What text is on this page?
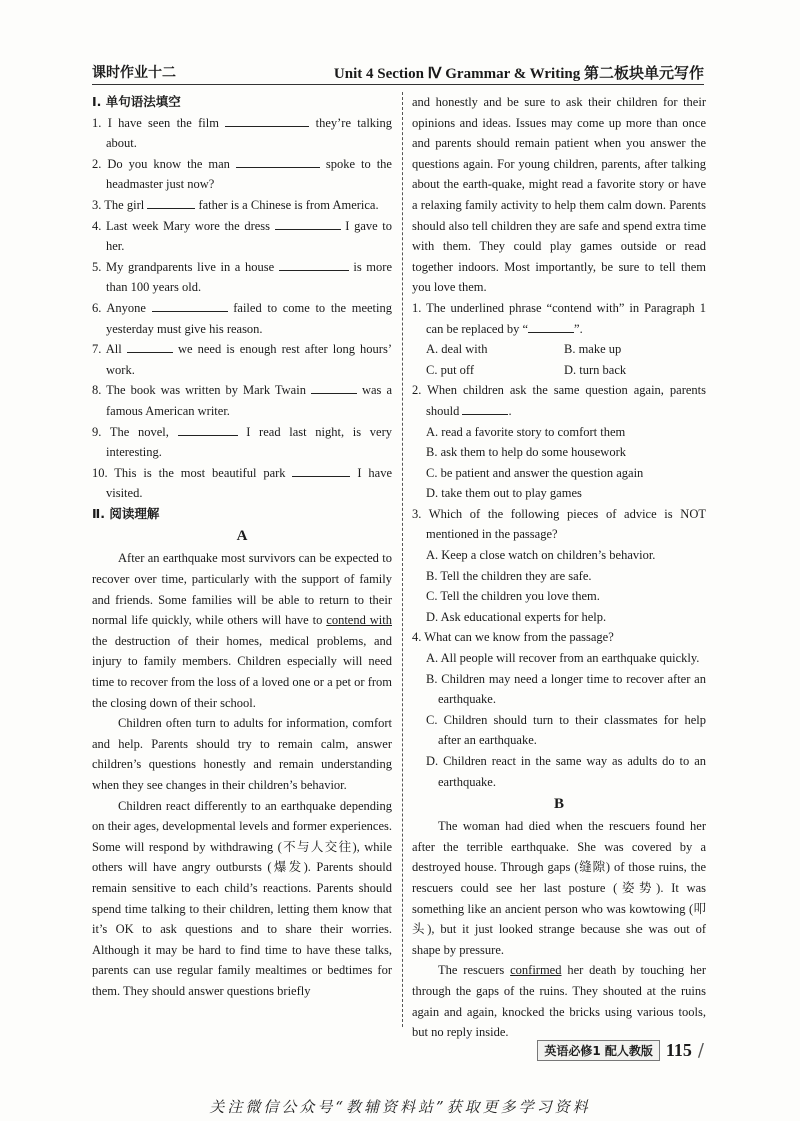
课时作业十二	Unit 4 Section Ⅳ Grammar & Writing 第二板块单元写作
Ⅰ. 单句语法填空
1. I have seen the film	they’re talking about.
2. Do you know the man	spoke to the headmaster just now?
3. The girl	father is a Chinese is from America.
4. Last week Mary wore the dress	I gave to her.
5. My grandparents live in a house	is more than 100 years old.
6. Anyone	failed to come to the meeting yesterday must give his reason.
7. All	we need is enough rest after long hours’ work.
8. The book was written by Mark Twain	was a famous American writer.
9. The novel,	I read last night, is very interesting.
10. This is the most beautiful park	I have visited.
Ⅱ. 阅读理解
A
After an earthquake most survivors can be expected to recover over time, particularly with the support of family and friends. Some families will be able to return to their normal life quickly, while others will have to contend with the destruction of their homes, medical problems, and injury to family members. Children especially will need time to recover from the loss of a loved one or a pet or from the closing down of their school.
Children often turn to adults for information, comfort and help. Parents should try to remain calm, answer children’s questions honestly and remain understanding when they see changes in their children’s behavior.
Children react differently to an earthquake depending on their ages, developmental levels and former experiences. Some will respond by withdrawing (不与人交往), while others will have angry outbursts (爆发). Parents should remain sensitive to each child’s reactions. Parents should spend time talking to their children, letting them know that it’s OK to ask questions and to share their worries. Although it may be hard to find time to have these talks, parents can use regular family mealtimes or bedtimes for them. They should answer questions briefly
and honestly and be sure to ask their children for their opinions and ideas. Issues may come up more than once and parents should remain patient when you answer the questions again. For young children, parents, after talking about the earth-quake, might read a favorite story or have a relaxing family activity to help them calm down. Parents should also tell children they are safe and spend extra time with them. They could play games outside or read together indoors. Most importantly, be sure to tell them you love them.
1. The underlined phrase “contend with” in Paragraph 1 can be replaced by “	”.
A. deal with	B. make up
C. put off	D. turn back
2. When children ask the same question again, parents should	.
A. read a favorite story to comfort them
B. ask them to help do some housework
C. be patient and answer the question again
D. take them out to play games
3. Which of the following pieces of advice is NOT mentioned in the passage?
A. Keep a close watch on children’s behavior.
B. Tell the children they are safe.
C. Tell the children you love them.
D. Ask educational experts for help.
4. What can we know from the passage?
A. All people will recover from an earthquake quickly.
B. Children may need a longer time to recover after an earthquake.
C. Children should turn to their classmates for help after an earthquake.
D. Children react in the same way as adults do to an earthquake.
B
The woman had died when the rescuers found her after the terrible earthquake. She was covered by a destroyed house. Through gaps (缝隙) of those ruins, the rescuers could see her last posture (姿势). It was something like an ancient person who was kowtowing (叩头), but it just looked strange because she was out of shape by pressure.
The rescuers confirmed her death by touching her through the gaps of the ruins. They shouted at the ruins again and again, knocked the bricks using various tools, but no reply inside.
英语必修1 配人教版 115 /
关注微信公众号“教辅资料站”获取更多学习资料
